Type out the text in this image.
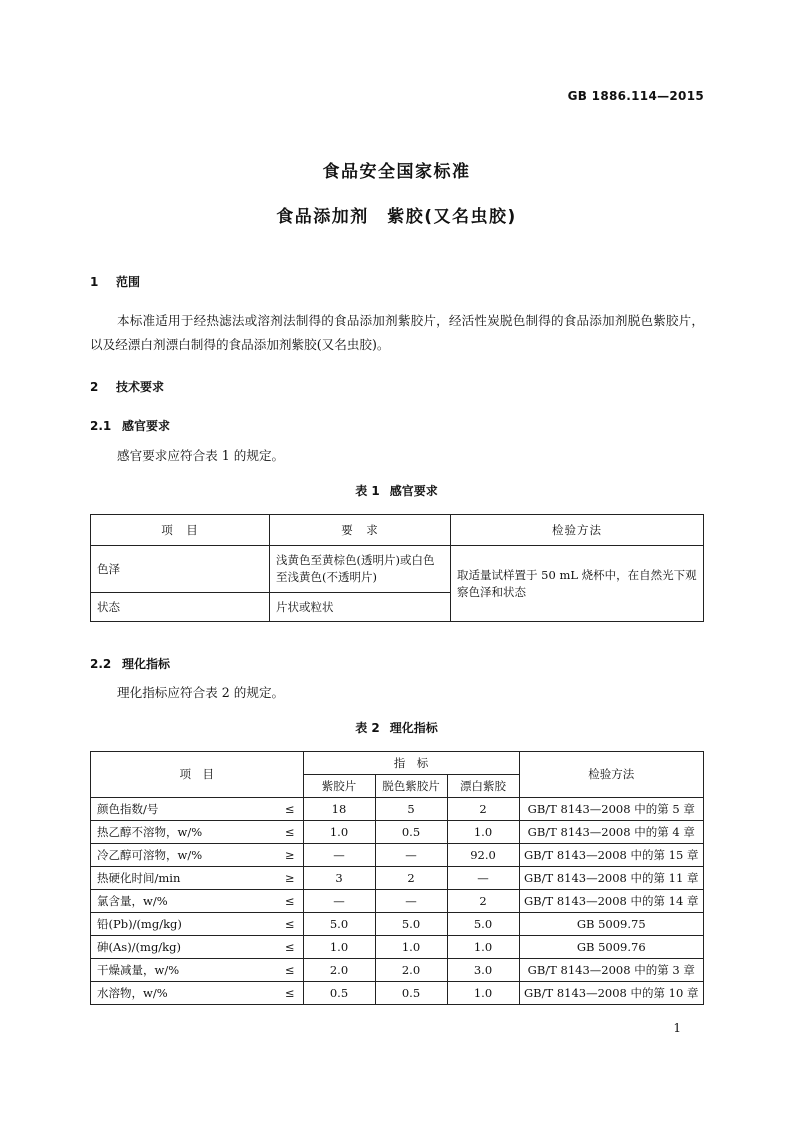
GB 1886.114—2015
食品安全国家标准
食品添加剂　紫胶(又名虫胶)
1 范围
本标准适用于经热滤法或溶剂法制得的食品添加剂紫胶片，经活性炭脱色制得的食品添加剂脱色紫胶片，以及经漂白剂漂白制得的食品添加剂紫胶(又名虫胶)。
2 技术要求
2.1 感官要求
感官要求应符合表 1 的规定。
表 1 感官要求
项　目	要　求	检验方法
色泽	浅黄色至黄棕色(透明片)或白色至浅黄色(不透明片)	取适量试样置于 50 mL 烧杯中，在自然光下观察色泽和状态
状态	片状或粒状	
2.2 理化指标
理化指标应符合表 2 的规定。
表 2 理化指标
项　目		指　标			检验方法
		紫胶片	脱色紫胶片	漂白紫胶	
颜色指数/号	≤	18	5	2	GB/T 8143—2008 中的第 5 章
热乙醇不溶物，w/%	≤	1.0	0.5	1.0	GB/T 8143—2008 中的第 4 章
冷乙醇可溶物，w/%	≥	—	—	92.0	GB/T 8143—2008 中的第 15 章
热硬化时间/min	≥	3	2	—	GB/T 8143—2008 中的第 11 章
氯含量，w/%	≤	—	—	2	GB/T 8143—2008 中的第 14 章
铅(Pb)/(mg/kg)	≤	5.0	5.0	5.0	GB 5009.75
砷(As)/(mg/kg)	≤	1.0	1.0	1.0	GB 5009.76
干燥减量，w/%	≤	2.0	2.0	3.0	GB/T 8143—2008 中的第 3 章
水溶物，w/%	≤	0.5	0.5	1.0	GB/T 8143—2008 中的第 10 章
1
